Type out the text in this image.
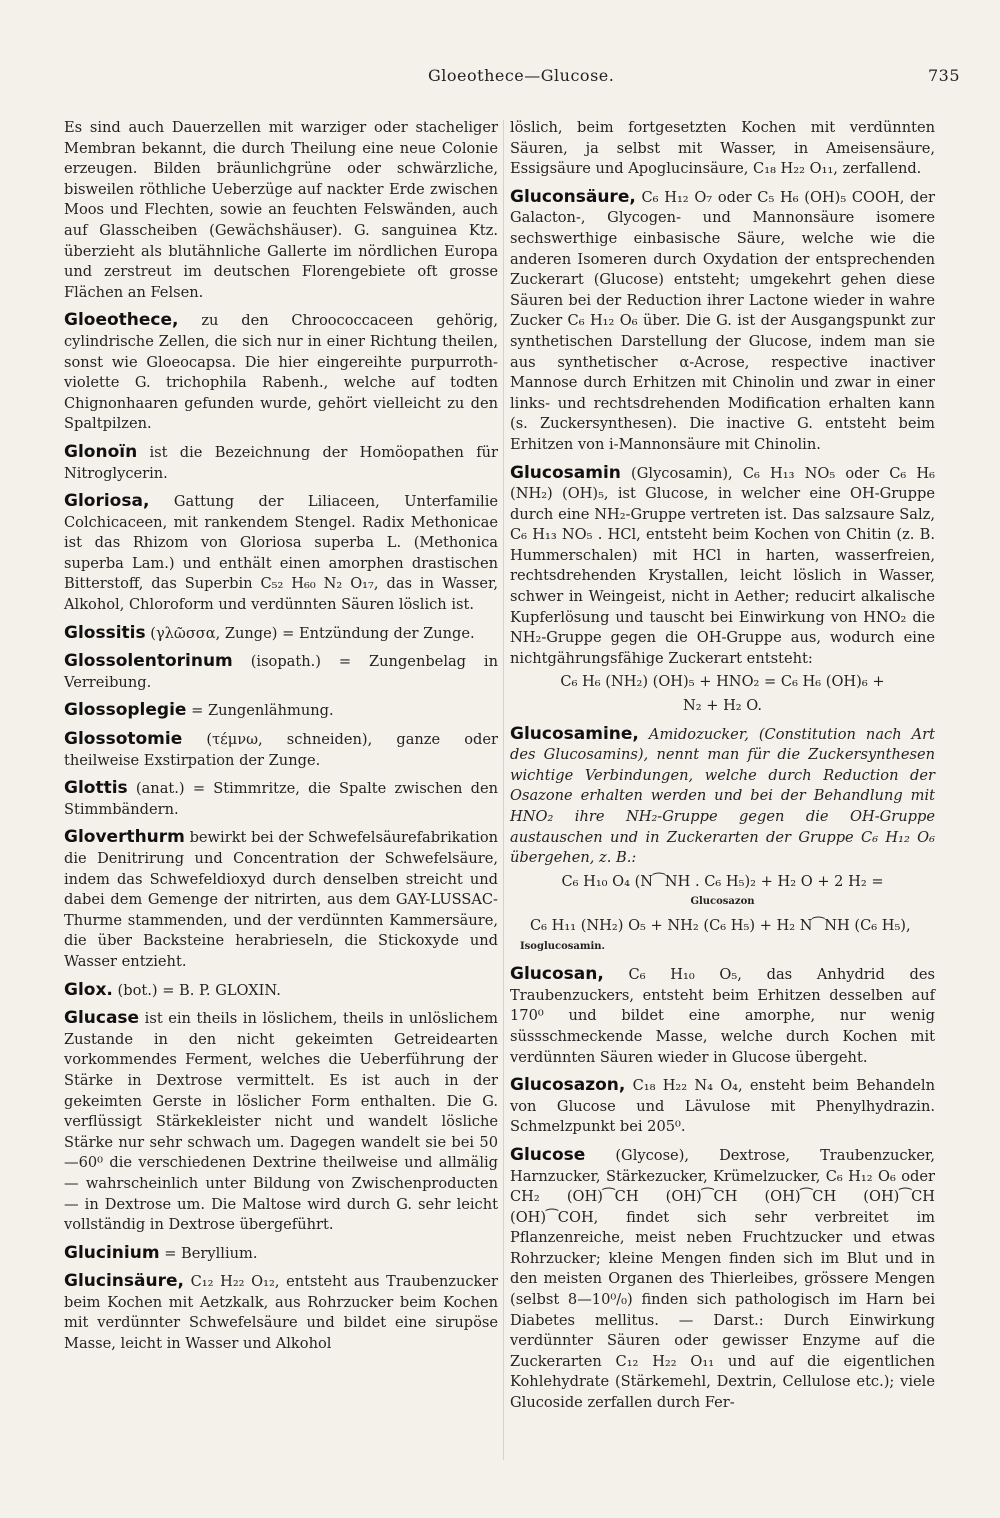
Gloeothece—Glucose.	735

Es sind auch Dauerzellen mit warziger oder stacheliger Membran bekannt, die durch Theilung eine neue Colonie erzeugen. Bilden bräunlichgrüne oder schwärzliche, bisweilen röthliche Ueberzüge auf nackter Erde zwischen Moos und Flechten, sowie an feuchten Felswänden, auch auf Glasscheiben (Gewächshäuser). G. sanguinea Ktz. überzieht als blutähnliche Gallerte im nördlichen Europa und zerstreut im deutschen Florengebiete oft grosse Flächen an Felsen.

Gloeothece, zu den Chroococcaceen gehörig, cylindrische Zellen, die sich nur in einer Richtung theilen, sonst wie Gloeocapsa. Die hier eingereihte purpurroth-violette G. trichophila Rabenh., welche auf todten Chignonhaaren gefunden wurde, gehört vielleicht zu den Spaltpilzen.

Glonoïn ist die Bezeichnung der Homöopathen für Nitroglycerin.

Gloriosa, Gattung der Liliaceen, Unterfamilie Colchicaceen, mit rankendem Stengel. Radix Methonicae ist das Rhizom von Gloriosa superba L. (Methonica superba Lam.) und enthält einen amorphen drastischen Bitterstoff, das Superbin C₅₂ H₆₀ N₂ O₁₇, das in Wasser, Alkohol, Chloroform und verdünnten Säuren löslich ist.

Glossitis (γλῶσσα, Zunge) = Entzündung der Zunge.

Glossolentorinum (isopath.) = Zungenbelag in Verreibung.

Glossoplegie = Zungenlähmung.

Glossotomie (τέμνω, schneiden), ganze oder theilweise Exstirpation der Zunge.

Glottis (anat.) = Stimmritze, die Spalte zwischen den Stimmbändern.

Gloverthurm bewirkt bei der Schwefelsäurefabrikation die Denitrirung und Concentration der Schwefelsäure, indem das Schwefeldioxyd durch denselben streicht und dabei dem Gemenge der nitrirten, aus dem GAY-LUSSAC-Thurme stammenden, und der verdünnten Kammersäure, die über Backsteine herabrieseln, die Stickoxyde und Wasser entzieht.

Glox. (bot.) = B. P. GLOXIN.

Glucase ist ein theils in löslichem, theils in unlöslichem Zustande in den nicht gekeimten Getreidearten vorkommendes Ferment, welches die Ueberführung der Stärke in Dextrose vermittelt. Es ist auch in der gekeimten Gerste in löslicher Form enthalten. Die G. verflüssigt Stärkekleister nicht und wandelt lösliche Stärke nur sehr schwach um. Dagegen wandelt sie bei 50—60⁰ die verschiedenen Dextrine theilweise und allmälig — wahrscheinlich unter Bildung von Zwischenproducten — in Dextrose um. Die Maltose wird durch G. sehr leicht vollständig in Dextrose übergeführt.

Glucinium = Beryllium.

Glucinsäure, C₁₂ H₂₂ O₁₂, entsteht aus Traubenzucker beim Kochen mit Aetzkalk, aus Rohrzucker beim Kochen mit verdünnter Schwefelsäure und bildet eine sirupöse Masse, leicht in Wasser und Alkohol

löslich, beim fortgesetzten Kochen mit verdünnten Säuren, ja selbst mit Wasser, in Ameisensäure, Essigsäure und Apoglucinsäure, C₁₈ H₂₂ O₁₁, zerfallend.

Gluconsäure, C₆ H₁₂ O₇ oder C₅ H₆ (OH)₅ COOH, der Galacton-, Glycogen- und Mannonsäure isomere sechswerthige einbasische Säure, welche wie die anderen Isomeren durch Oxydation der entsprechenden Zuckerart (Glucose) entsteht; umgekehrt gehen diese Säuren bei der Reduction ihrer Lactone wieder in wahre Zucker C₆ H₁₂ O₆ über. Die G. ist der Ausgangspunkt zur synthetischen Darstellung der Glucose, indem man sie aus synthetischer α-Acrose, respective inactiver Mannose durch Erhitzen mit Chinolin und zwar in einer links- und rechtsdrehenden Modification erhalten kann (s. Zuckersynthesen). Die inactive G. entsteht beim Erhitzen von i-Mannonsäure mit Chinolin.

Glucosamin (Glycosamin), C₆ H₁₃ NO₅ oder C₆ H₆ (NH₂) (OH)₅, ist Glucose, in welcher eine OH-Gruppe durch eine NH₂-Gruppe vertreten ist. Das salzsaure Salz, C₆ H₁₃ NO₅ . HCl, entsteht beim Kochen von Chitin (z. B. Hummerschalen) mit HCl in harten, wasserfreien, rechtsdrehenden Krystallen, leicht löslich in Wasser, schwer in Weingeist, nicht in Aether; reducirt alkalische Kupferlösung und tauscht bei Einwirkung von HNO₂ die NH₂-Gruppe gegen die OH-Gruppe aus, wodurch eine nichtgährungsfähige Zuckerart entsteht:

C₆ H₆ (NH₂) (OH)₅ + HNO₂ = C₆ H₆ (OH)₆ +
N₂ + H₂ O.

Glucosamine, Amidozucker, (Constitution nach Art des Glucosamins), nennt man für die Zuckersynthesen wichtige Verbindungen, welche durch Reduction der Osazone erhalten werden und bei der Behandlung mit HNO₂ ihre NH₂-Gruppe gegen die OH-Gruppe austauschen und in Zuckerarten der Gruppe C₆ H₁₂ O₆ übergehen, z. B.:

C₆ H₁₀ O₄ (N⁀NH . C₆ H₅)₂ + H₂ O + 2 H₂ =
Glucosazon
C₆ H₁₁ (NH₂) O₅ + NH₂ (C₆ H₅) + H₂ N⁀NH (C₆ H₅),
Isoglucosamin.

Glucosan, C₆ H₁₀ O₅, das Anhydrid des Traubenzuckers, entsteht beim Erhitzen desselben auf 170⁰ und bildet eine amorphe, nur wenig süssschmeckende Masse, welche durch Kochen mit verdünnten Säuren wieder in Glucose übergeht.

Glucosazon, C₁₈ H₂₂ N₄ O₄, ensteht beim Behandeln von Glucose und Lävulose mit Phenylhydrazin. Schmelzpunkt bei 205⁰.

Glucose (Glycose), Dextrose, Traubenzucker, Harnzucker, Stärkezucker, Krümelzucker, C₆ H₁₂ O₆ oder CH₂ (OH)⁀CH (OH)⁀CH (OH)⁀CH (OH)⁀CH (OH)⁀COH, findet sich sehr verbreitet im Pflanzenreiche, meist neben Fruchtzucker und etwas Rohrzucker; kleine Mengen finden sich im Blut und in den meisten Organen des Thierleibes, grössere Mengen (selbst 8—10⁰/₀) finden sich pathologisch im Harn bei Diabetes mellitus. — Darst.: Durch Einwirkung verdünnter Säuren oder gewisser Enzyme auf die Zuckerarten C₁₂ H₂₂ O₁₁ und auf die eigentlichen Kohlehydrate (Stärkemehl, Dextrin, Cellulose etc.); viele Glucoside zerfallen durch Fer-
